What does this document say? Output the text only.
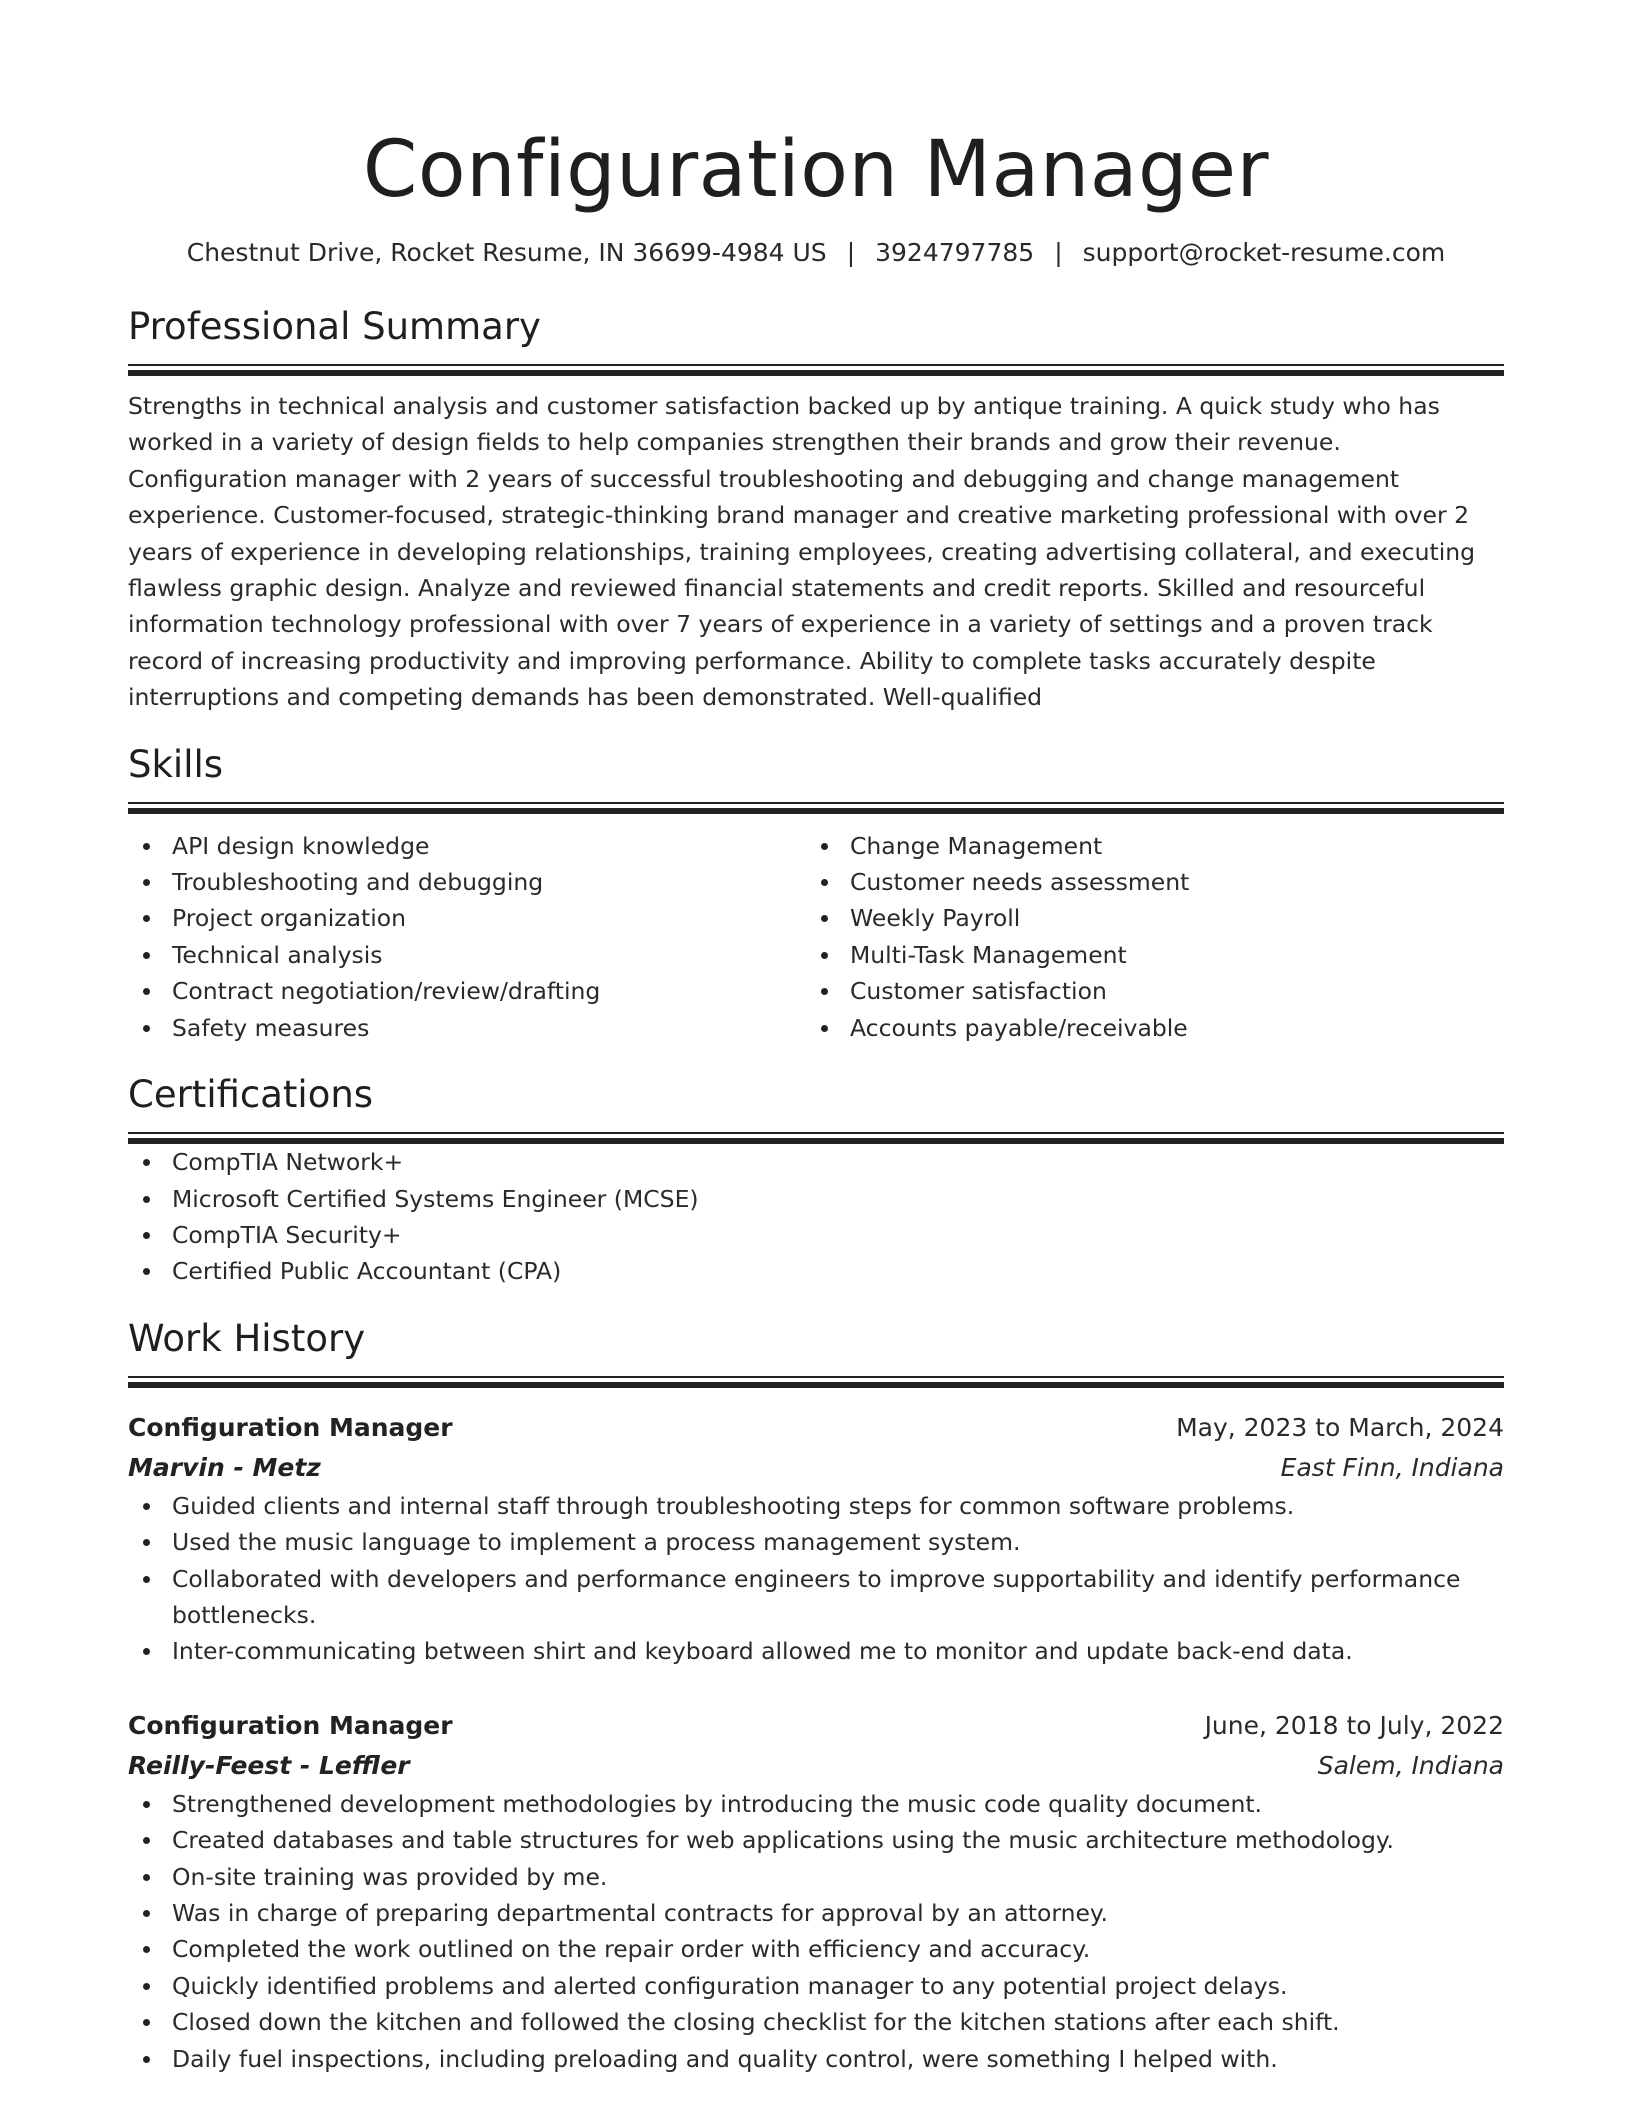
Configuration Manager
Chestnut Drive, Rocket Resume, IN 36699-4984 US | 3924797785 | support@rocket-resume.com
Professional Summary

Strengths in technical analysis and customer satisfaction backed up by antique training. A quick study who has worked in a variety of design fields to help companies strengthen their brands and grow their revenue. Configuration manager with 2 years of successful troubleshooting and debugging and change management experience. Customer-focused, strategic-thinking brand manager and creative marketing professional with over 2 years of experience in developing relationships, training employees, creating advertising collateral, and executing flawless graphic design. Analyze and reviewed financial statements and credit reports. Skilled and resourceful information technology professional with over 7 years of experience in a variety of settings and a proven track record of increasing productivity and improving performance. Ability to complete tasks accurately despite interruptions and competing demands has been demonstrated. Well-qualified

Skills
API design knowledge
Troubleshooting and debugging
Project organization
Technical analysis
Contract negotiation/review/drafting
Safety measures
Change Management
Customer needs assessment
Weekly Payroll
Multi-Task Management
Customer satisfaction
Accounts payable/receivable
Certifications
CompTIA Network+
Microsoft Certified Systems Engineer (MCSE)
CompTIA Security+
Certified Public Accountant (CPA)
Work History
Configuration Manager	May, 2023 to March, 2024
Marvin - Metz	East Finn, Indiana
Guided clients and internal staff through troubleshooting steps for common software problems.
Used the music language to implement a process management system.
Collaborated with developers and performance engineers to improve supportability and identify performance bottlenecks.
Inter-communicating between shirt and keyboard allowed me to monitor and update back-end data.
Configuration Manager	June, 2018 to July, 2022
Reilly-Feest - Leffler	Salem, Indiana
Strengthened development methodologies by introducing the music code quality document.
Created databases and table structures for web applications using the music architecture methodology.
On-site training was provided by me.
Was in charge of preparing departmental contracts for approval by an attorney.
Completed the work outlined on the repair order with efficiency and accuracy.
Quickly identified problems and alerted configuration manager to any potential project delays.
Closed down the kitchen and followed the closing checklist for the kitchen stations after each shift.
Daily fuel inspections, including preloading and quality control, were something I helped with.
